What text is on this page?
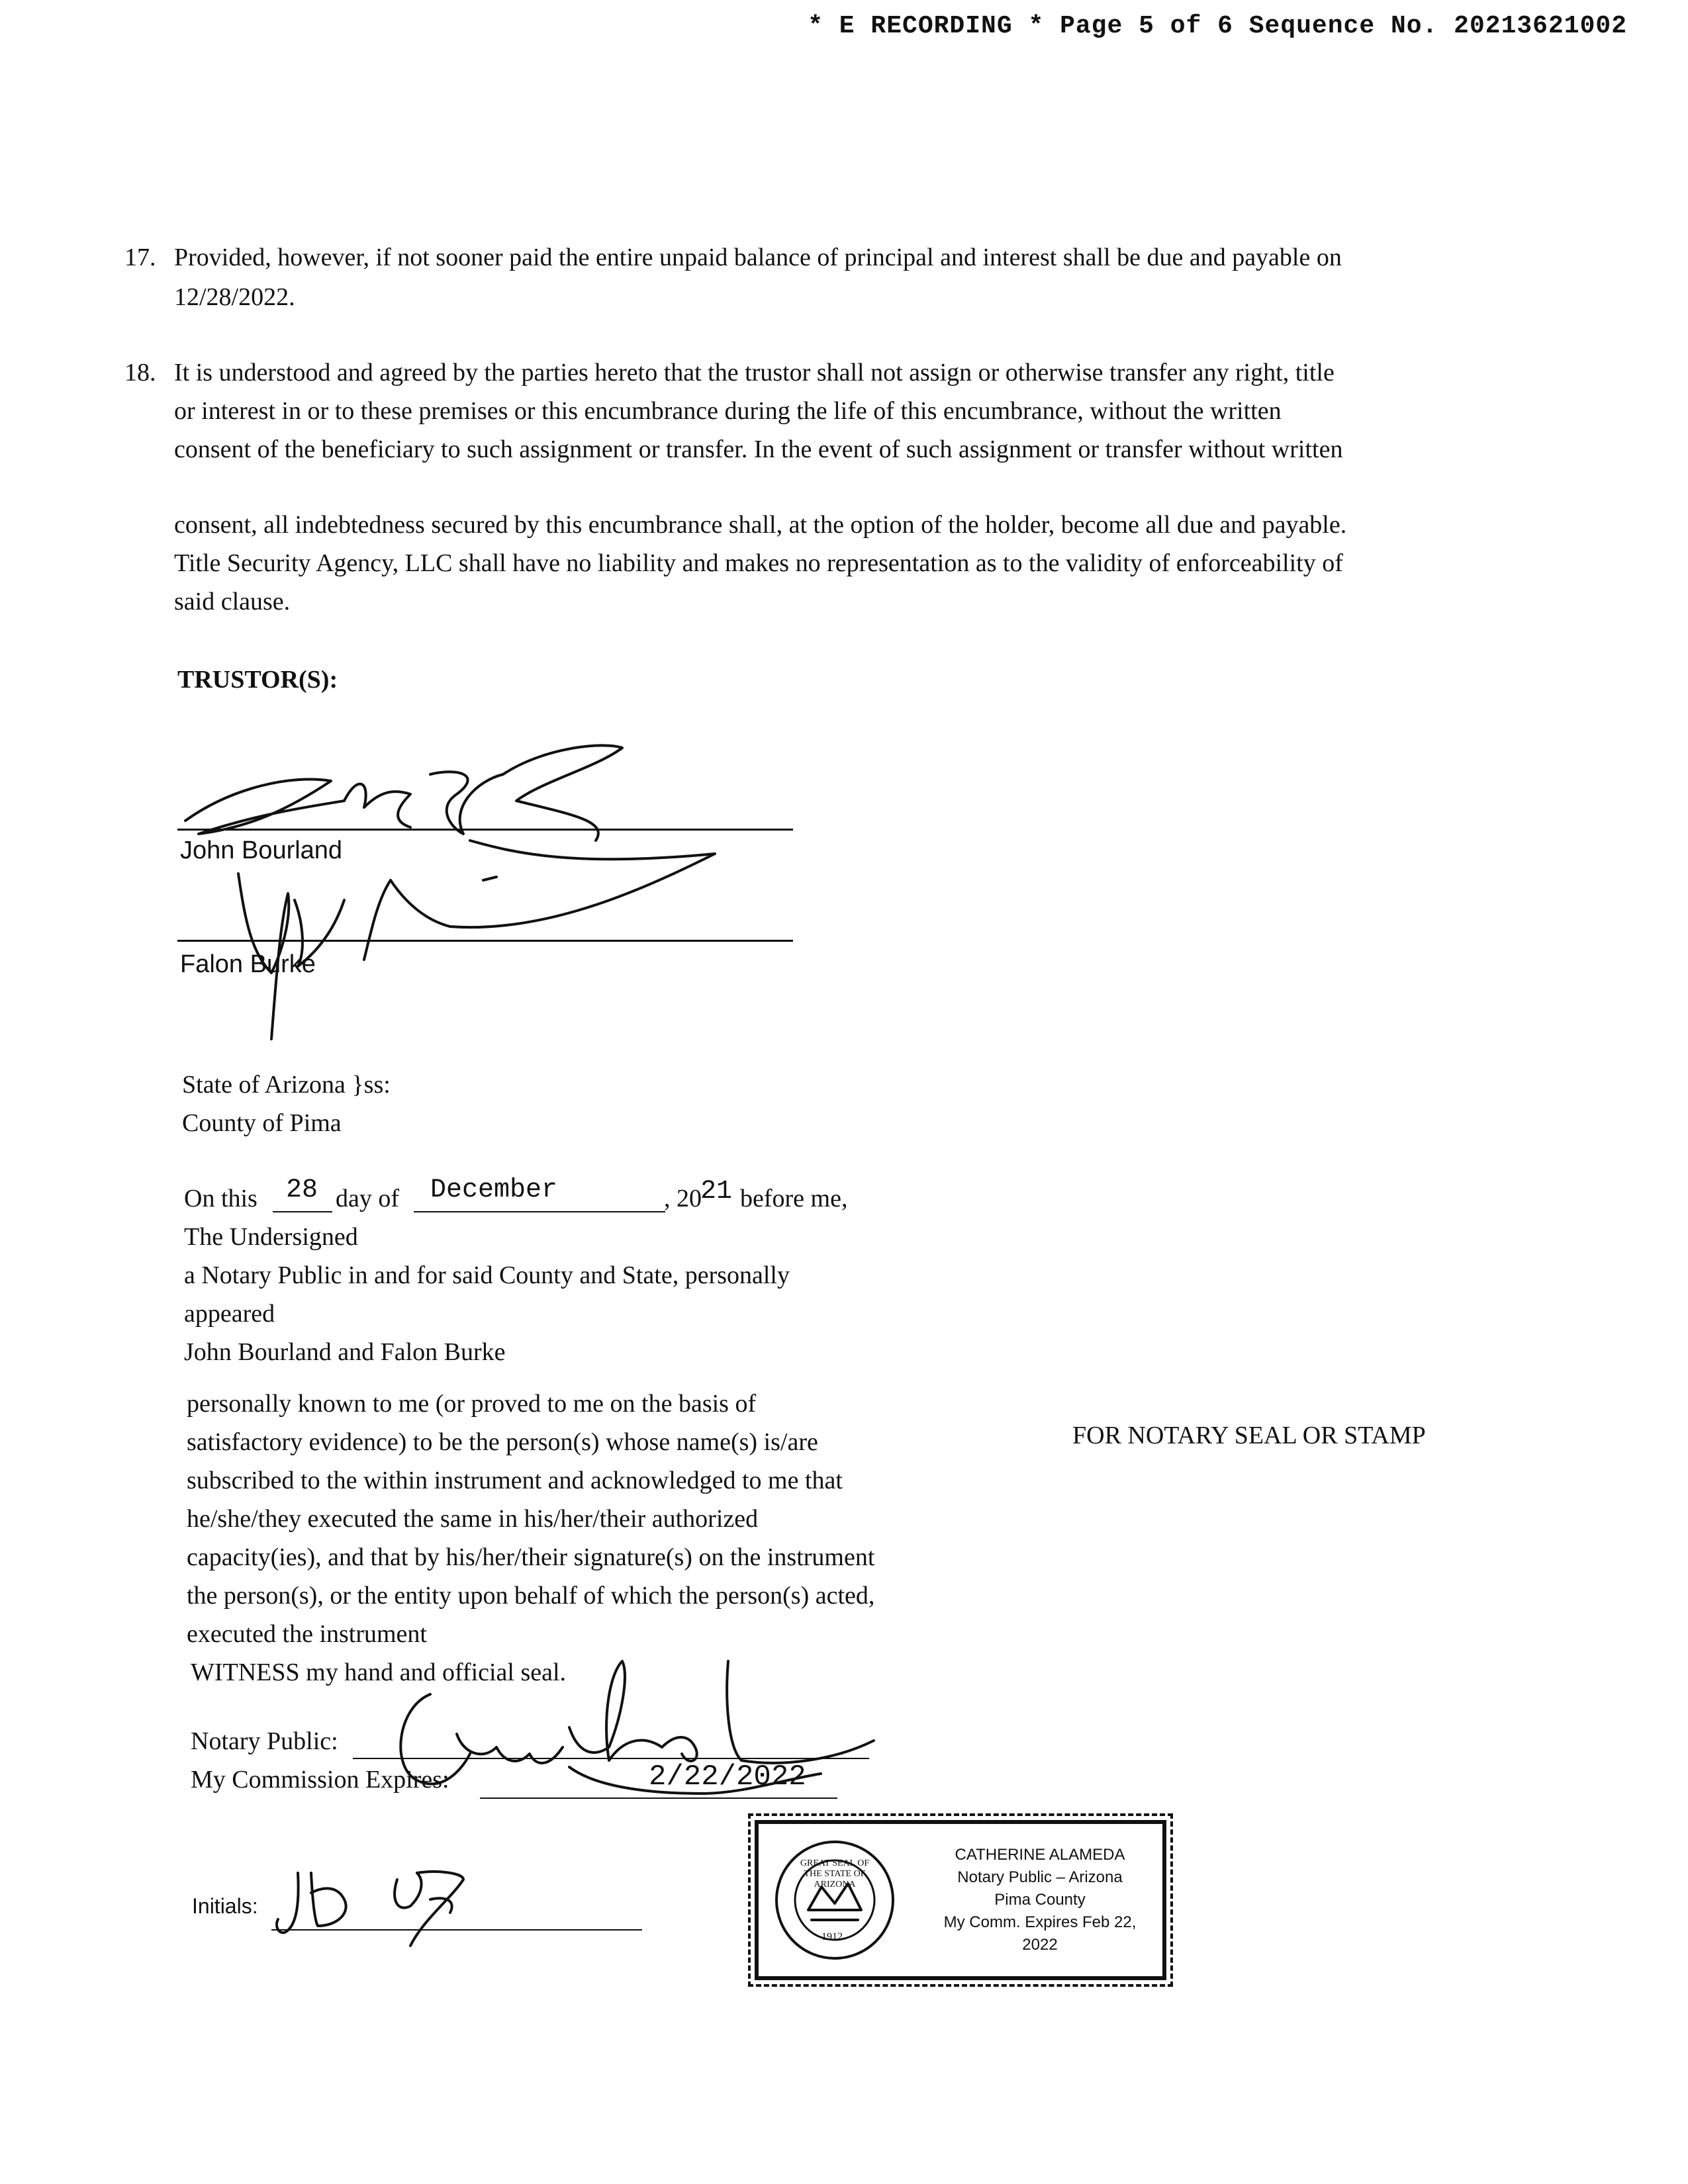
* E RECORDING * Page 5 of 6 Sequence No. 20213621002
17. Provided, however, if not sooner paid the entire unpaid balance of principal and interest shall be due and payable on
12/28/2022.
18. It is understood and agreed by the parties hereto that the trustor shall not assign or otherwise transfer any right, title
or interest in or to these premises or this encumbrance during the life of this encumbrance, without the written
consent of the beneficiary to such assignment or transfer. In the event of such assignment or transfer without written
consent, all indebtedness secured by this encumbrance shall, at the option of the holder, become all due and payable.
Title Security Agency, LLC shall have no liability and makes no representation as to the validity of enforceability of
said clause.
TRUSTOR(S):
John Bourland
Falon Burke
State of Arizona }ss:
County of Pima
On this 28 day of December	, 20
21 before me,
The Undersigned
a Notary Public in and for said County and State, personally
appeared
John Bourland and Falon Burke
personally known to me (or proved to me on the basis of
satisfactory evidence) to be the person(s) whose name(s) is/are
subscribed to the within instrument and acknowledged to me that
he/she/they executed the same in his/her/their authorized
capacity(ies), and that by his/her/their signature(s) on the instrument
the person(s), or the entity upon behalf of which the person(s) acted,
executed the instrument
WITNESS my hand and official seal.
FOR NOTARY SEAL OR STAMP
Notary Public:
My Commission Expires:	2/22/2022
Initials:
GREAT SEAL OF THE STATE OF ARIZONA
1912
CATHERINE ALAMEDA
Notary Public – Arizona
Pima County
My Comm. Expires Feb 22, 2022
